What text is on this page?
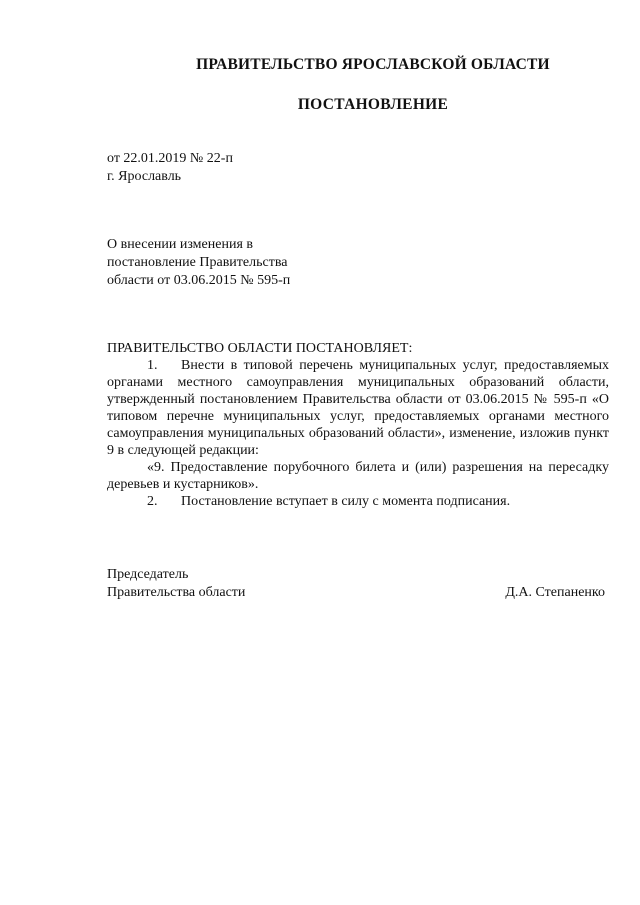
ПРАВИТЕЛЬСТВО ЯРОСЛАВСКОЙ ОБЛАСТИ
ПОСТАНОВЛЕНИЕ
от 22.01.2019 № 22-п
г. Ярославль
О внесении изменения в
постановление Правительства
области от 03.06.2015 № 595-п
ПРАВИТЕЛЬСТВО ОБЛАСТИ ПОСТАНОВЛЯЕТ:
1. Внести в типовой перечень муниципальных услуг, предоставляемых органами местного самоуправления муниципальных образований области, утвержденный постановлением Правительства области от 03.06.2015 № 595-п «О типовом перечне муниципальных услуг, предоставляемых органами местного самоуправления муниципальных образований области», изменение, изложив пункт 9 в следующей редакции:
«9. Предоставление порубочного билета и (или) разрешения на пересадку деревьев и кустарников».
2. Постановление вступает в силу с момента подписания.
Председатель
Правительства области	Д.А. Степаненко
